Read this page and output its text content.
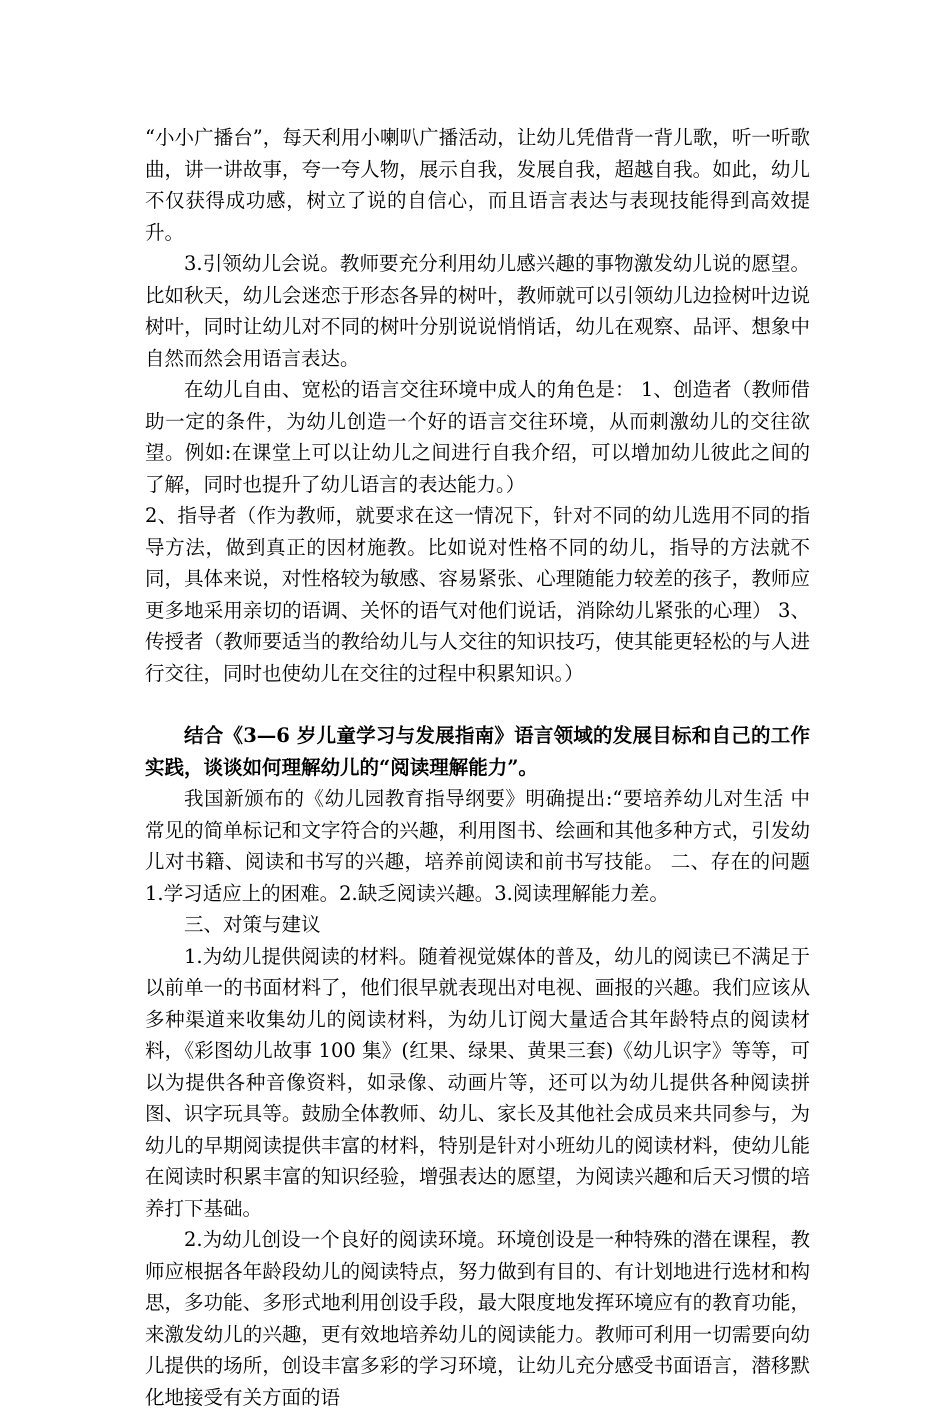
“小小广播台”，每天利用小喇叭广播活动，让幼儿凭借背一背儿歌，听一听歌曲，讲一讲故事，夸一夸人物，展示自我，发展自我，超越自我。如此，幼儿不仅获得成功感，树立了说的自信心，而且语言表达与表现技能得到高效提升。

3.引领幼儿会说。教师要充分利用幼儿感兴趣的事物激发幼儿说的愿望。比如秋天，幼儿会迷恋于形态各异的树叶，教师就可以引领幼儿边捡树叶边说树叶，同时让幼儿对不同的树叶分别说说悄悄话，幼儿在观察、品评、想象中自然而然会用语言表达。

在幼儿自由、宽松的语言交往环境中成人的角色是： 1、创造者（教师借助一定的条件，为幼儿创造一个好的语言交往环境，从而刺激幼儿的交往欲望。例如:在课堂上可以让幼儿之间进行自我介绍，可以增加幼儿彼此之间的了解，同时也提升了幼儿语言的表达能力。）

2、指导者（作为教师，就要求在这一情况下，针对不同的幼儿选用不同的指导方法，做到真正的因材施教。比如说对性格不同的幼儿，指导的方法就不同，具体来说，对性格较为敏感、容易紧张、心理随能力较差的孩子，教师应更多地采用亲切的语调、关怀的语气对他们说话，消除幼儿紧张的心理） 3、传授者（教师要适当的教给幼儿与人交往的知识技巧，使其能更轻松的与人进行交往，同时也使幼儿在交往的过程中积累知识。）

结合《3—6 岁儿童学习与发展指南》语言领域的发展目标和自己的工作实践，谈谈如何理解幼儿的“阅读理解能力”。

我国新颁布的《幼儿园教育指导纲要》明确提出:“要培养幼儿对生活 中常见的简单标记和文字符合的兴趣，利用图书、绘画和其他多种方式，引发幼儿对书籍、阅读和书写的兴趣，培养前阅读和前书写技能。 二、存在的问题 1.学习适应上的困难。2.缺乏阅读兴趣。3.阅读理解能力差。

三、对策与建议

1.为幼儿提供阅读的材料。随着视觉媒体的普及，幼儿的阅读已不满足于以前单一的书面材料了，他们很早就表现出对电视、画报的兴趣。我们应该从多种渠道来收集幼儿的阅读材料，为幼儿订阅大量适合其年龄特点的阅读材料，《彩图幼儿故事 100 集》(红果、绿果、黄果三套)《幼儿识字》等等，可以为提供各种音像资料，如录像、动画片等，还可以为幼儿提供各种阅读拼图、识字玩具等。鼓励全体教师、幼儿、家长及其他社会成员来共同参与，为幼儿的早期阅读提供丰富的材料，特别是针对小班幼儿的阅读材料，使幼儿能在阅读时积累丰富的知识经验，增强表达的愿望，为阅读兴趣和后天习惯的培养打下基础。

2.为幼儿创设一个良好的阅读环境。环境创设是一种特殊的潜在课程，教师应根据各年龄段幼儿的阅读特点，努力做到有目的、有计划地进行选材和构思，多功能、多形式地利用创设手段，最大限度地发挥环境应有的教育功能，来激发幼儿的兴趣，更有效地培养幼儿的阅读能力。教师可利用一切需要向幼儿提供的场所，创设丰富多彩的学习环境，让幼儿充分感受书面语言，潜移默化地接受有关方面的语
